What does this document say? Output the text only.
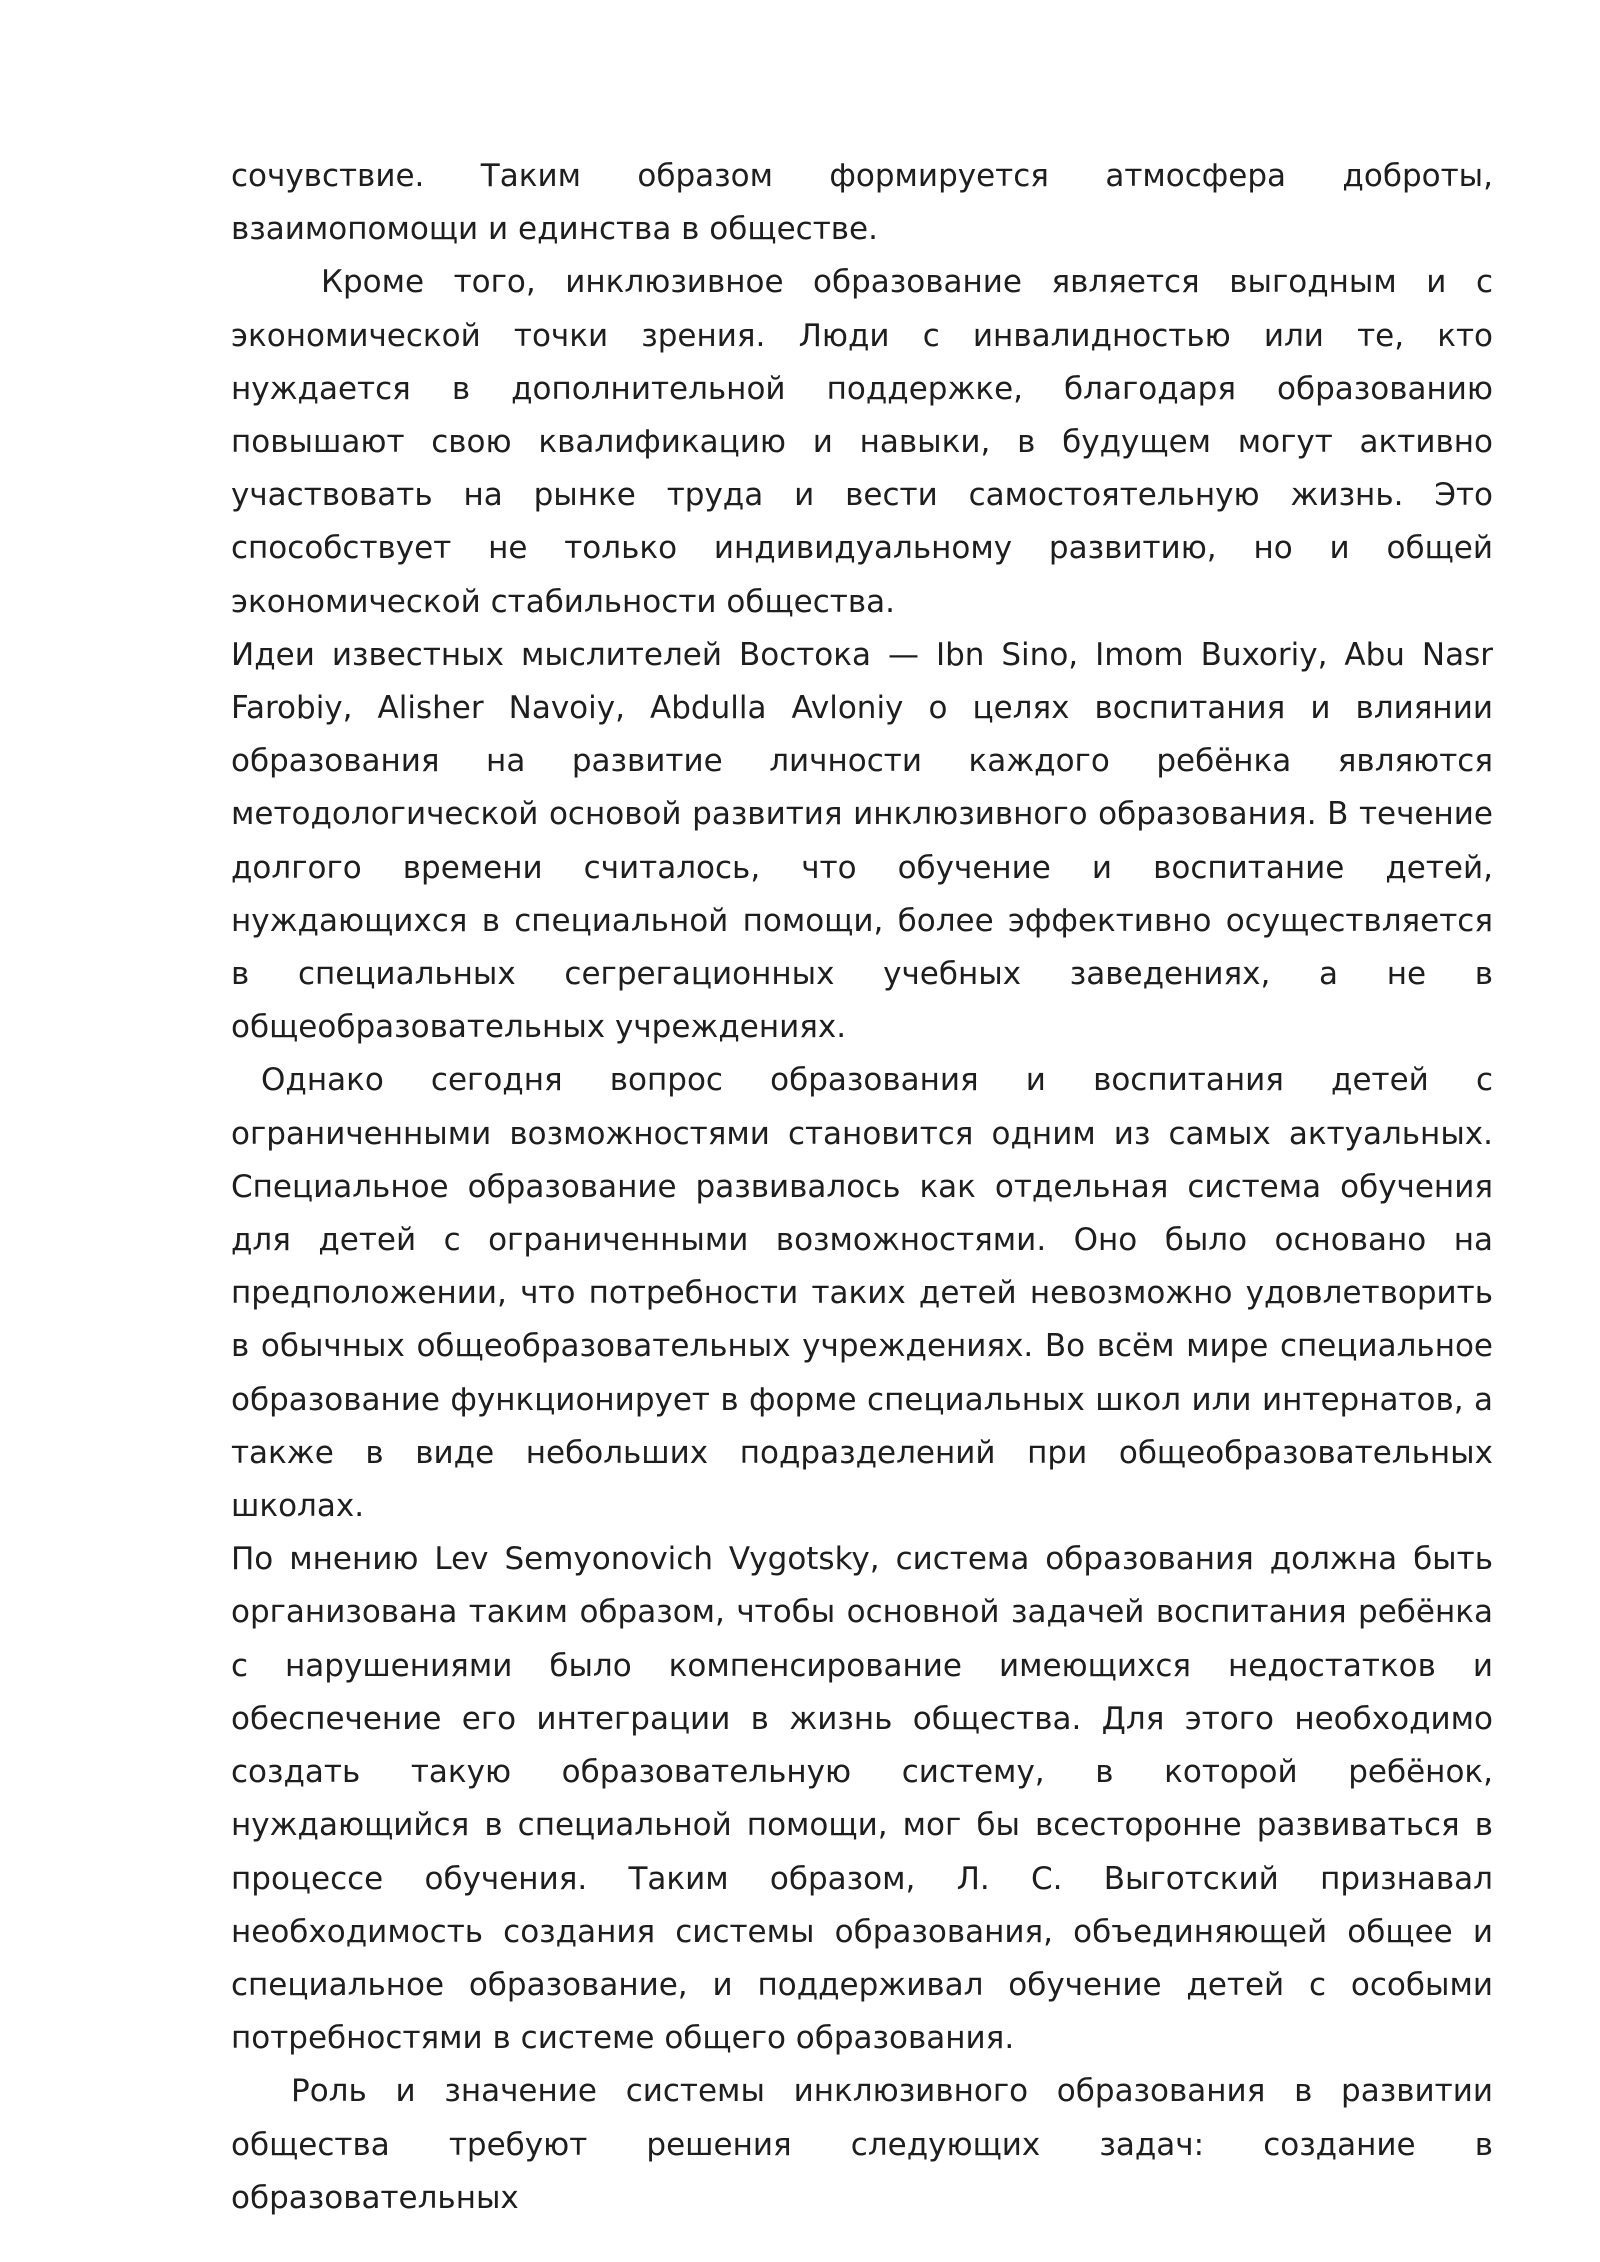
сочувствие. Таким образом формируется атмосфера доброты, взаимопомощи и единства в обществе.

Кроме того, инклюзивное образование является выгодным и с экономической точки зрения. Люди с инвалидностью или те, кто нуждается в дополнительной поддержке, благодаря образованию повышают свою квалификацию и навыки, в будущем могут активно участвовать на рынке труда и вести самостоятельную жизнь. Это способствует не только индивидуальному развитию, но и общей экономической стабильности общества.

Идеи известных мыслителей Востока — Ibn Sino, Imom Buxoriy, Abu Nasr Farobiy, Alisher Navoiy, Abdulla Avloniy о целях воспитания и влиянии образования на развитие личности каждого ребёнка являются методологической основой развития инклюзивного образования. В течение долгого времени считалось, что обучение и воспитание детей, нуждающихся в специальной помощи, более эффективно осуществляется в специальных сегрегационных учебных заведениях, а не в общеобразовательных учреждениях.

Однако сегодня вопрос образования и воспитания детей с ограниченными возможностями становится одним из самых актуальных. Специальное образование развивалось как отдельная система обучения для детей с ограниченными возможностями. Оно было основано на предположении, что потребности таких детей невозможно удовлетворить в обычных общеобразовательных учреждениях. Во всём мире специальное образование функционирует в форме специальных школ или интернатов, а также в виде небольших подразделений при общеобразовательных школах.

По мнению Lev Semyonovich Vygotsky, система образования должна быть организована таким образом, чтобы основной задачей воспитания ребёнка с нарушениями было компенсирование имеющихся недостатков и обеспечение его интеграции в жизнь общества. Для этого необходимо создать такую образовательную систему, в которой ребёнок, нуждающийся в специальной помощи, мог бы всесторонне развиваться в процессе обучения. Таким образом, Л. С. Выготский признавал необходимость создания системы образования, объединяющей общее и специальное образование, и поддерживал обучение детей с особыми потребностями в системе общего образования.

Роль и значение системы инклюзивного образования в развитии общества требуют решения следующих задач: создание в образовательных
